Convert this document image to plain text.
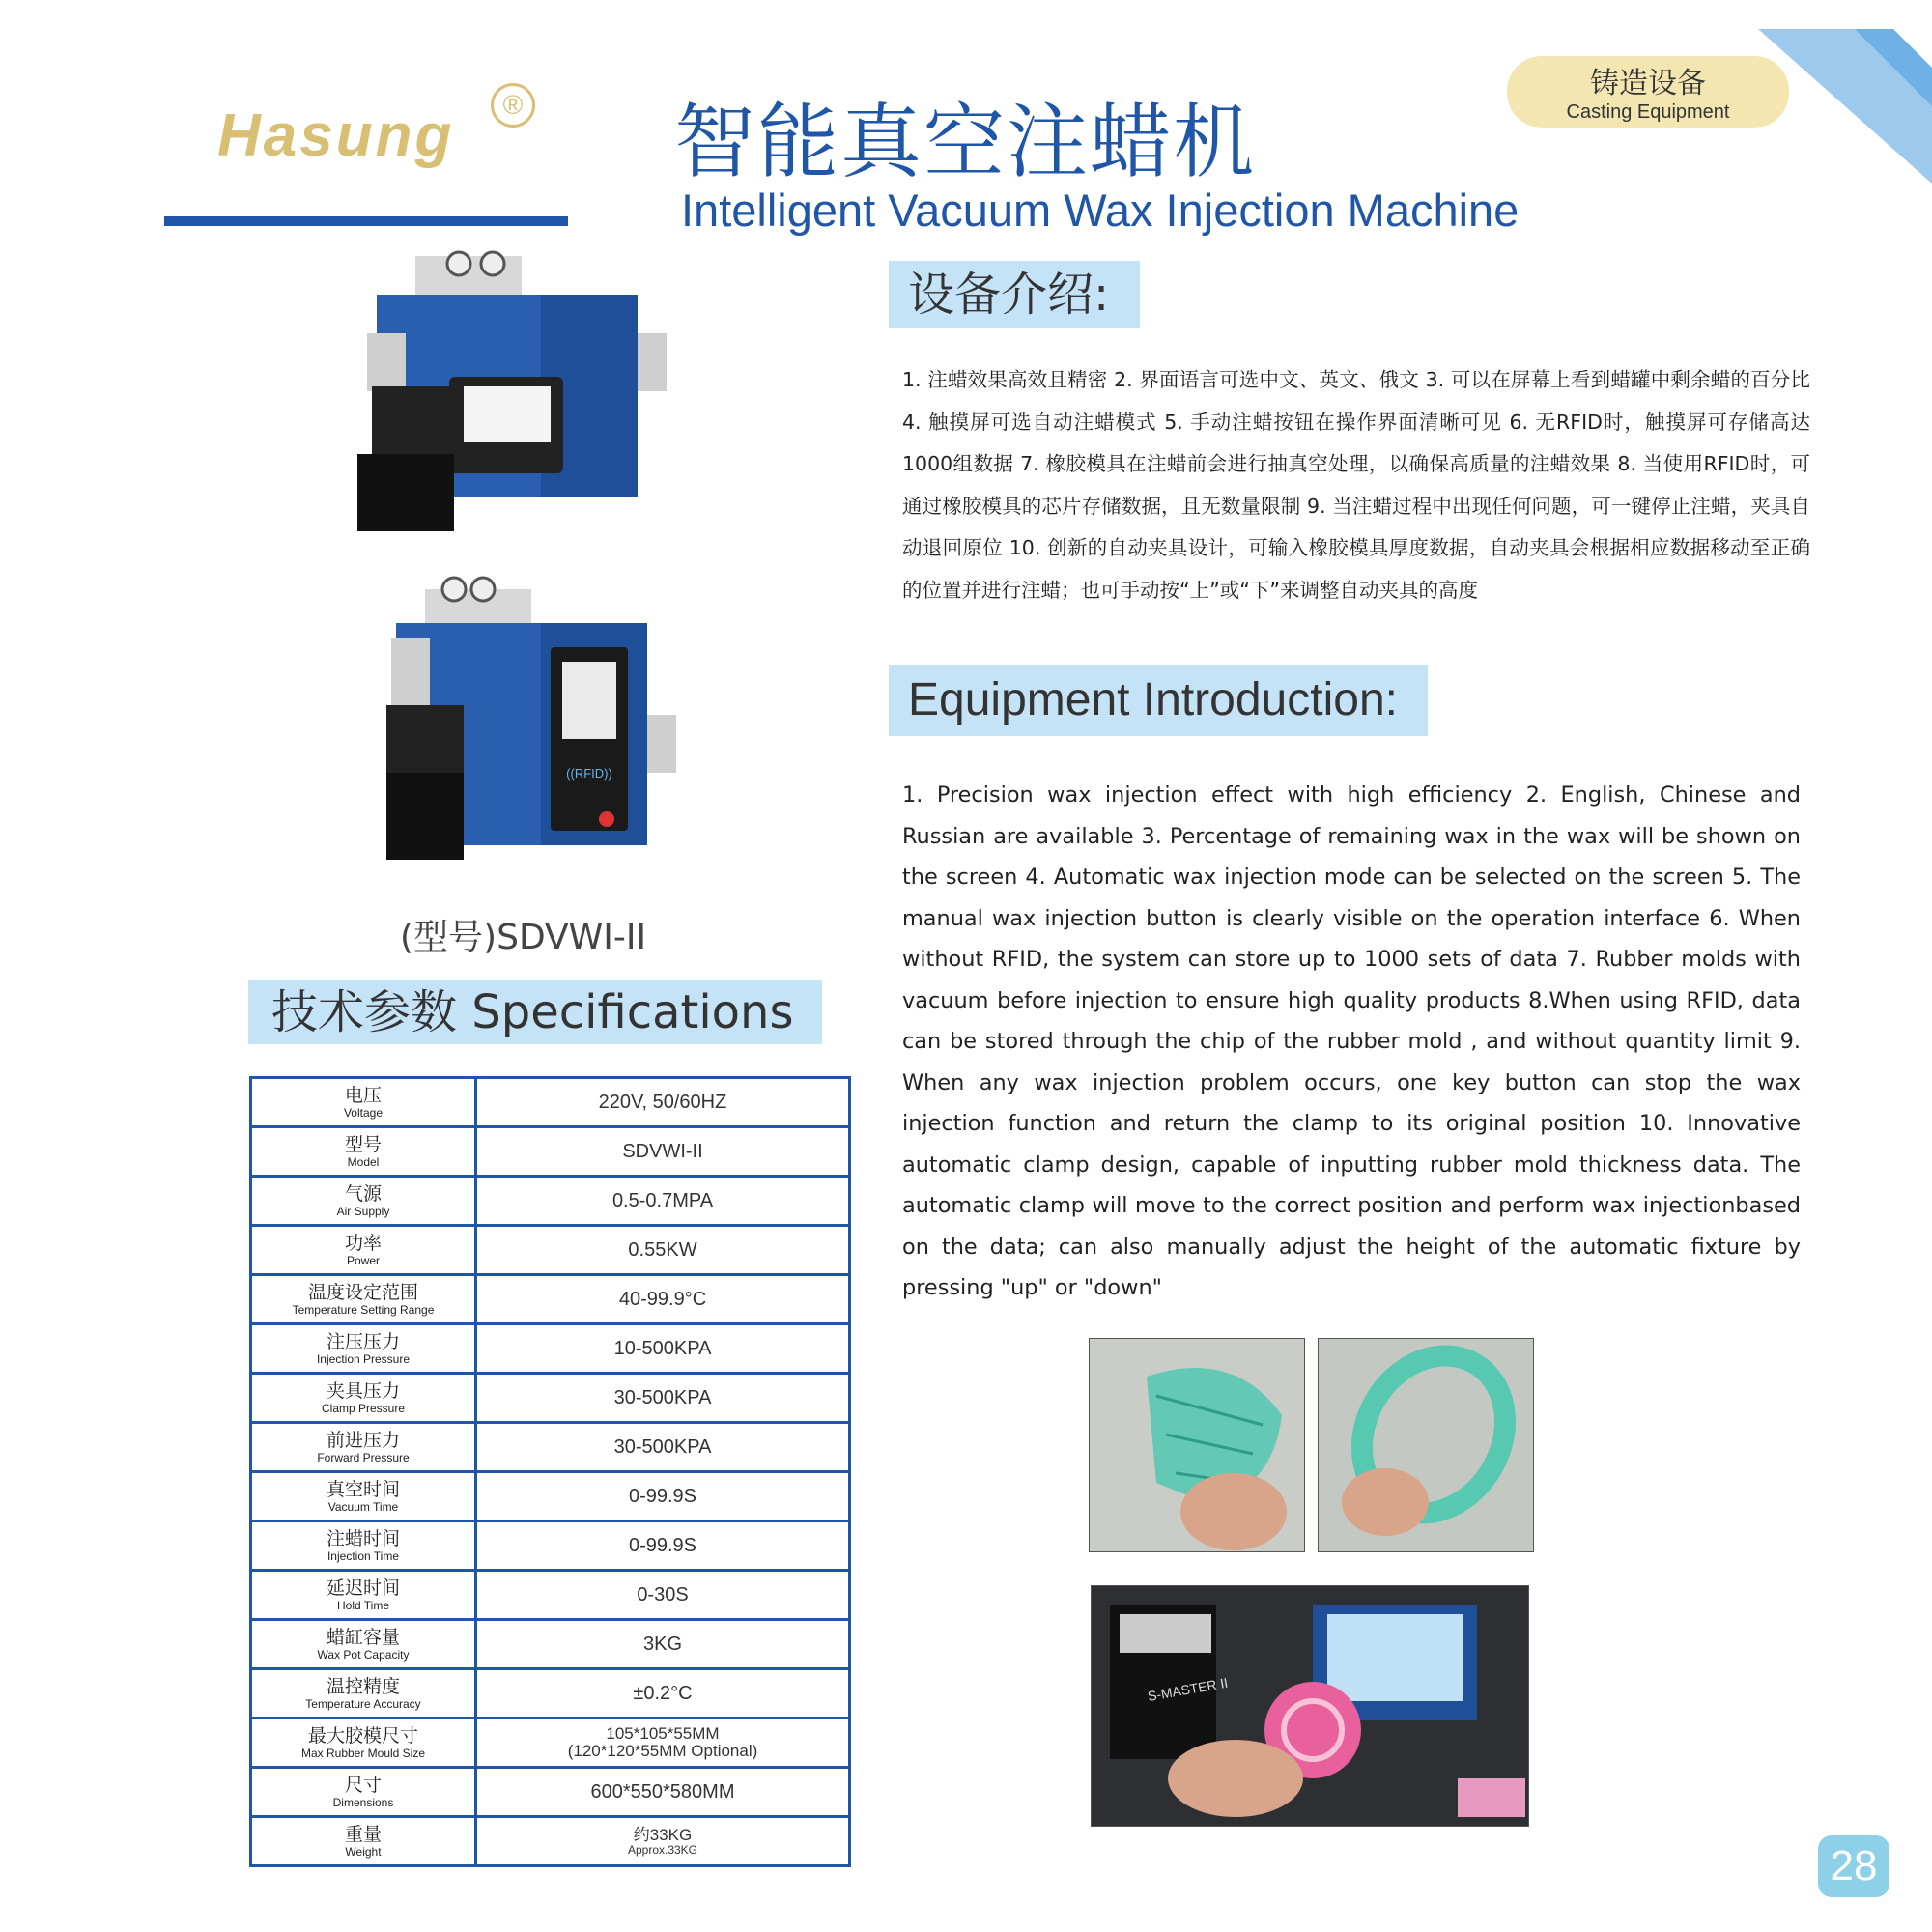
Hasung	® 智能真空注蜡机
Intelligent Vacuum Wax Injection Machine
铸造设备
Casting Equipment
设备介绍:
1. 注蜡效果高效且精密 2. 界面语言可选中文、英文、俄文 3. 可以在屏幕上看到蜡罐中剩余蜡的百分比 4. 触摸屏可选自动注蜡模式 5. 手动注蜡按钮在操作界面清晰可见 6. 无RFID时，触摸屏可存储高达1000组数据 7. 橡胶模具在注蜡前会进行抽真空处理，以确保高质量的注蜡效果 8. 当使用RFID时，可通过橡胶模具的芯片存储数据，且无数量限制 9. 当注蜡过程中出现任何问题，可一键停止注蜡，夹具自动退回原位 10. 创新的自动夹具设计，可输入橡胶模具厚度数据，自动夹具会根据相应数据移动至正确的位置并进行注蜡；也可手动按“上”或“下”来调整自动夹具的高度
Equipment Introduction:
1. Precision wax injection effect with high efficiency 2. English, Chinese and Russian are available 3. Percentage of remaining wax in the wax will be shown on the screen 4. Automatic wax injection mode can be selected on the screen 5. The manual wax injection button is clearly visible on the operation interface 6. When without RFID, the system can store up to 1000 sets of data 7. Rubber molds with vacuum before injection to ensure high quality products 8.When using RFID, data can be stored through the chip of the rubber mold , and without quantity limit 9. When any wax injection problem occurs, one key button can stop the wax injection function and return the clamp to its original position 10. Innovative automatic clamp design, capable of inputting rubber mold thickness data. The automatic clamp will move to the correct position and perform wax injectionbased on the data; can also manually adjust the height of the automatic fixture by pressing "up" or "down"
((RFID))
(型号)SDVWI-II
技术参数 Specifications
电压
Voltage	220V, 50/60HZ

型号
Model	SDVWI-II

气源
Air Supply	0.5-0.7MPA

功率
Power	0.55KW

温度设定范围
Temperature Setting Range	40-99.9°C

注压压力
Injection Pressure	10-500KPA

夹具压力
Clamp Pressure	30-500KPA

前进压力
Forward Pressure	30-500KPA

真空时间
Vacuum Time	0-99.9S

注蜡时间
Injection Time	0-99.9S

延迟时间
Hold Time	0-30S

蜡缸容量
Wax Pot Capacity	3KG

温控精度
Temperature Accuracy	±0.2°C

最大胶模尺寸
Max Rubber Mould Size	105*105*55MM
(120*120*55MM Optional)

尺寸
Dimensions	600*550*580MM

重量
Weight	约33KG
Approx.33KG
S-MASTER II
28
